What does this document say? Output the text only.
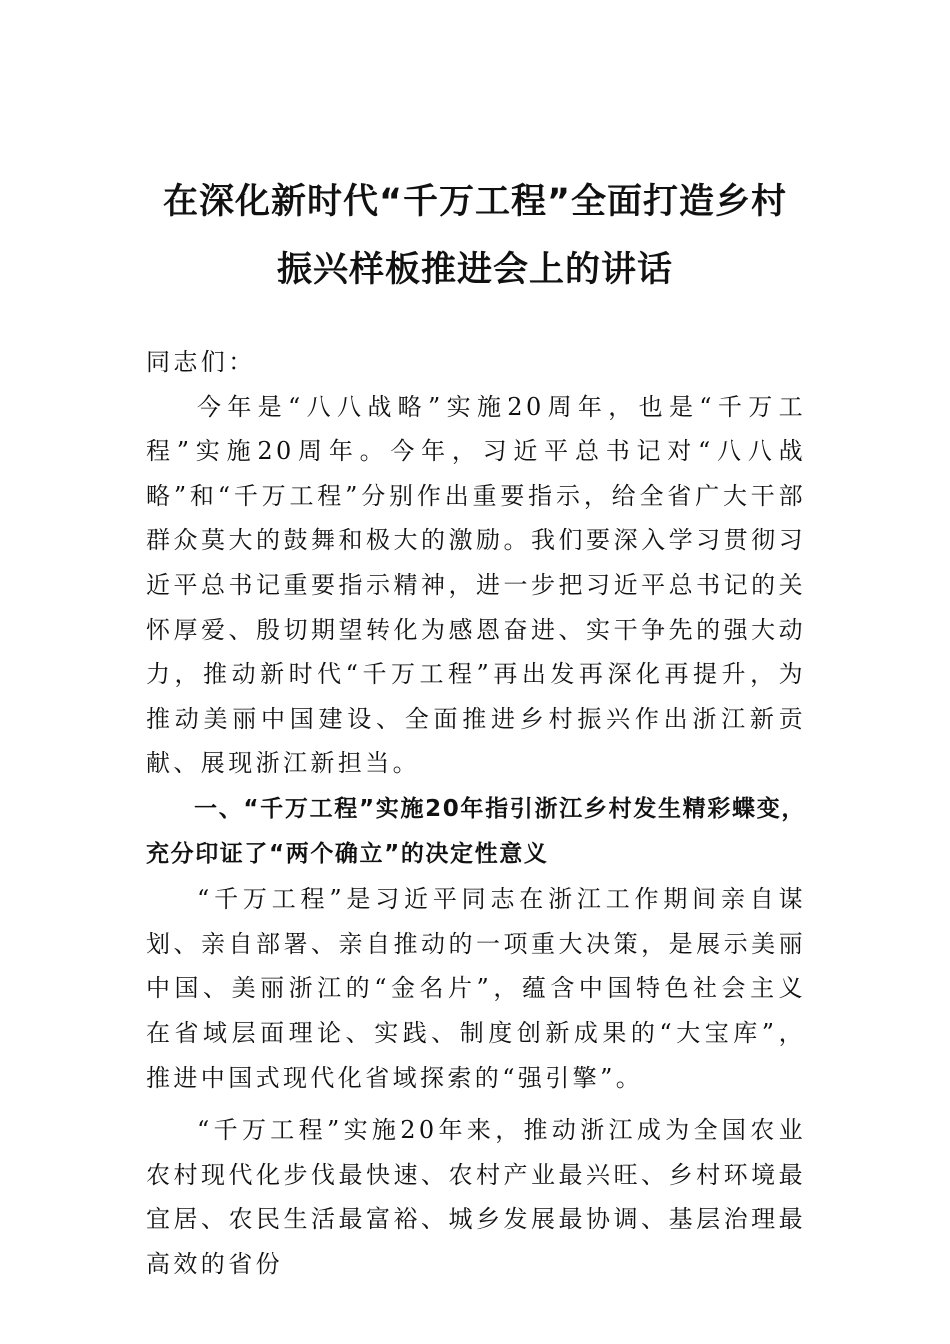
在深化新时代“千万工程”全面打造乡村
振兴样板推进会上的讲话

同志们：

今年是“八八战略”实施20周年，也是“千万工程”实施20周年。今年，习近平总书记对“八八战略”和“千万工程”分别作出重要指示，给全省广大干部群众莫大的鼓舞和极大的激励。我们要深入学习贯彻习近平总书记重要指示精神，进一步把习近平总书记的关怀厚爱、殷切期望转化为感恩奋进、实干争先的强大动力，推动新时代“千万工程”再出发再深化再提升，为推动美丽中国建设、全面推进乡村振兴作出浙江新贡献、展现浙江新担当。

一、“千万工程”实施20年指引浙江乡村发生精彩蝶变，充分印证了“两个确立”的决定性意义

“千万工程”是习近平同志在浙江工作期间亲自谋划、亲自部署、亲自推动的一项重大决策，是展示美丽中国、美丽浙江的“金名片”，蕴含中国特色社会主义在省域层面理论、实践、制度创新成果的“大宝库”，推进中国式现代化省域探索的“强引擎”。

“千万工程”实施20年来，推动浙江成为全国农业农村现代化步伐最快速、农村产业最兴旺、乡村环境最宜居、农民生活最富裕、城乡发展最协调、基层治理最高效的省份
